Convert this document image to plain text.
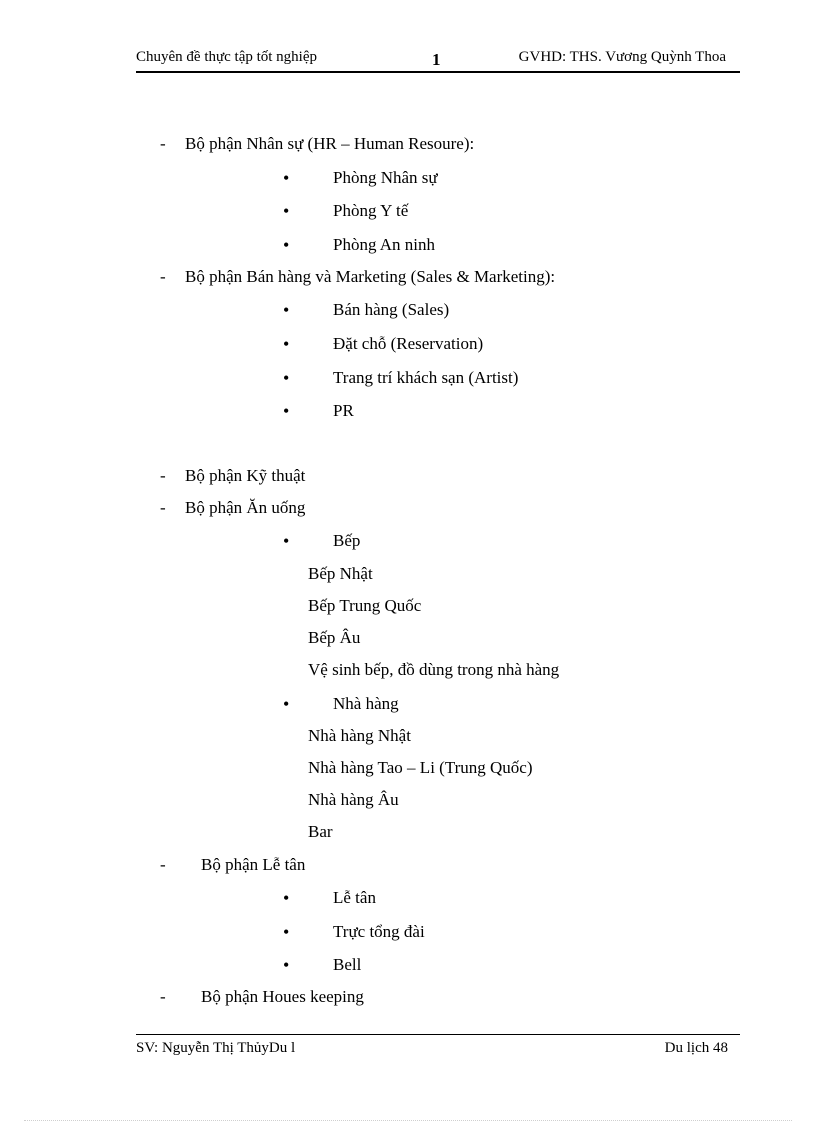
Chuyên đề thực tập tốt nghiệp	1	GVHD: THS. Vương Quỳnh Thoa
- Bộ phận Nhân sự (HR – Human Resoure):
•	Phòng Nhân sự
•	Phòng Y tế
•	Phòng An ninh
- Bộ phận Bán hàng và Marketing (Sales & Marketing):
•	Bán hàng (Sales)
•	Đặt chỗ (Reservation)
•	Trang trí khách sạn (Artist)
•	PR
- Bộ phận Kỹ thuật
- Bộ phận Ăn uống
•	Bếp
Bếp Nhật
Bếp Trung Quốc
Bếp Âu
Vệ sinh bếp, đồ dùng trong nhà hàng
•	Nhà hàng
Nhà hàng Nhật
Nhà hàng Tao – Li (Trung Quốc)
Nhà hàng Âu
Bar
- Bộ phận Lễ tân
•	Lễ tân
•	Trực tổng đài
•	Bell
- Bộ phận Houes keeping
SV: Nguyễn Thị ThủyDu l	Du lịch 48
